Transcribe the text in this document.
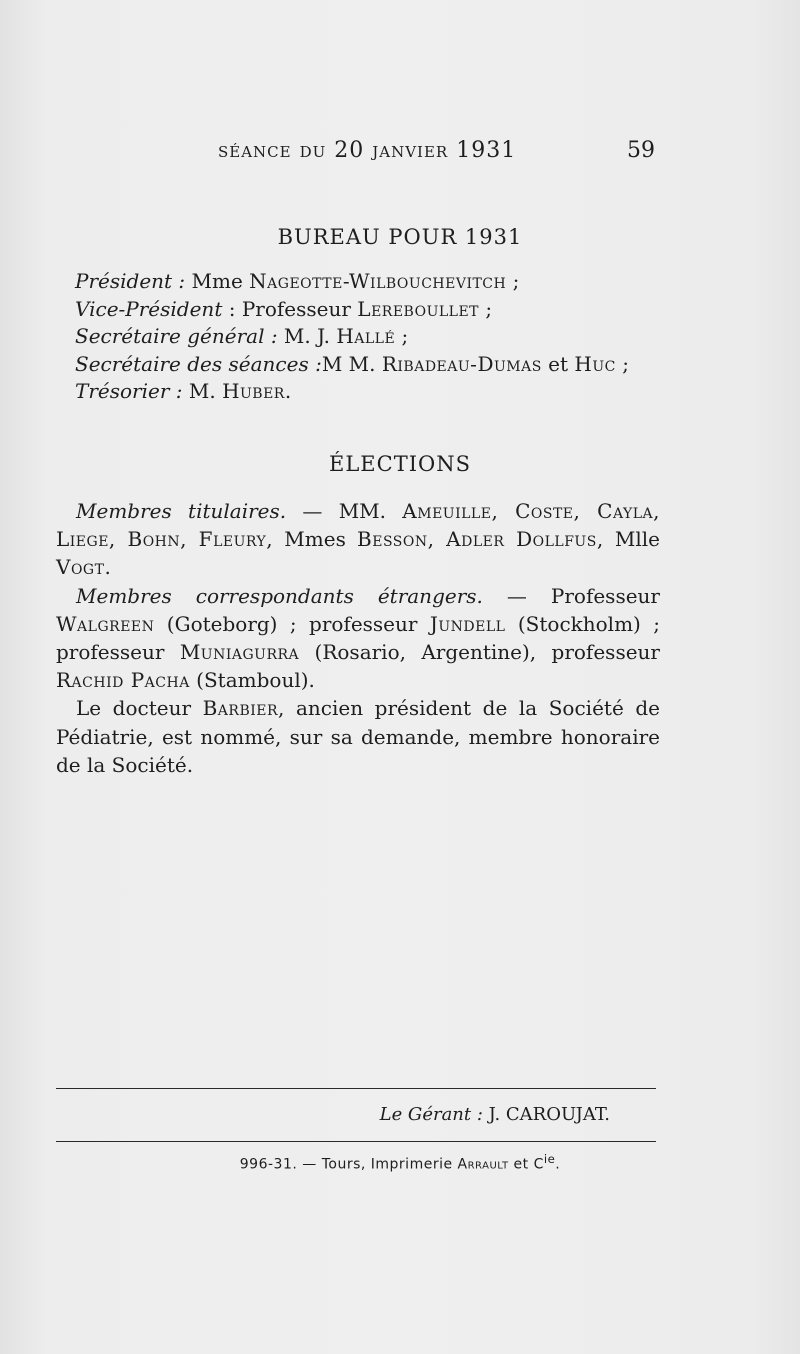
séance du 20 janvier 1931	59
BUREAU POUR 1931
Président : Mme Nageotte-Wilbouchevitch ;
Vice-Président : Professeur Lereboullet ;
Secrétaire général : M. J. Hallé ;
Secrétaire des séances :M M. Ribadeau-Dumas et Huc ;
Trésorier : M. Huber.
ÉLECTIONS

Membres titulaires. — MM. Ameuille, Coste, Cayla, Liege, Bohn, Fleury, Mmes Besson, Adler Dollfus, Mlle Vogt.

Membres correspondants étrangers. — Professeur Walgreen (Goteborg) ; professeur Jundell (Stockholm) ; professeur Muniagurra (Rosario, Argentine), professeur Rachid Pacha (Stamboul).

Le docteur Barbier, ancien président de la Société de Pédiatrie, est nommé, sur sa demande, membre honoraire de la Société.

Le Gérant : J. CAROUJAT.
996-31. — Tours, Imprimerie Arrault et $C^{ie}$.
